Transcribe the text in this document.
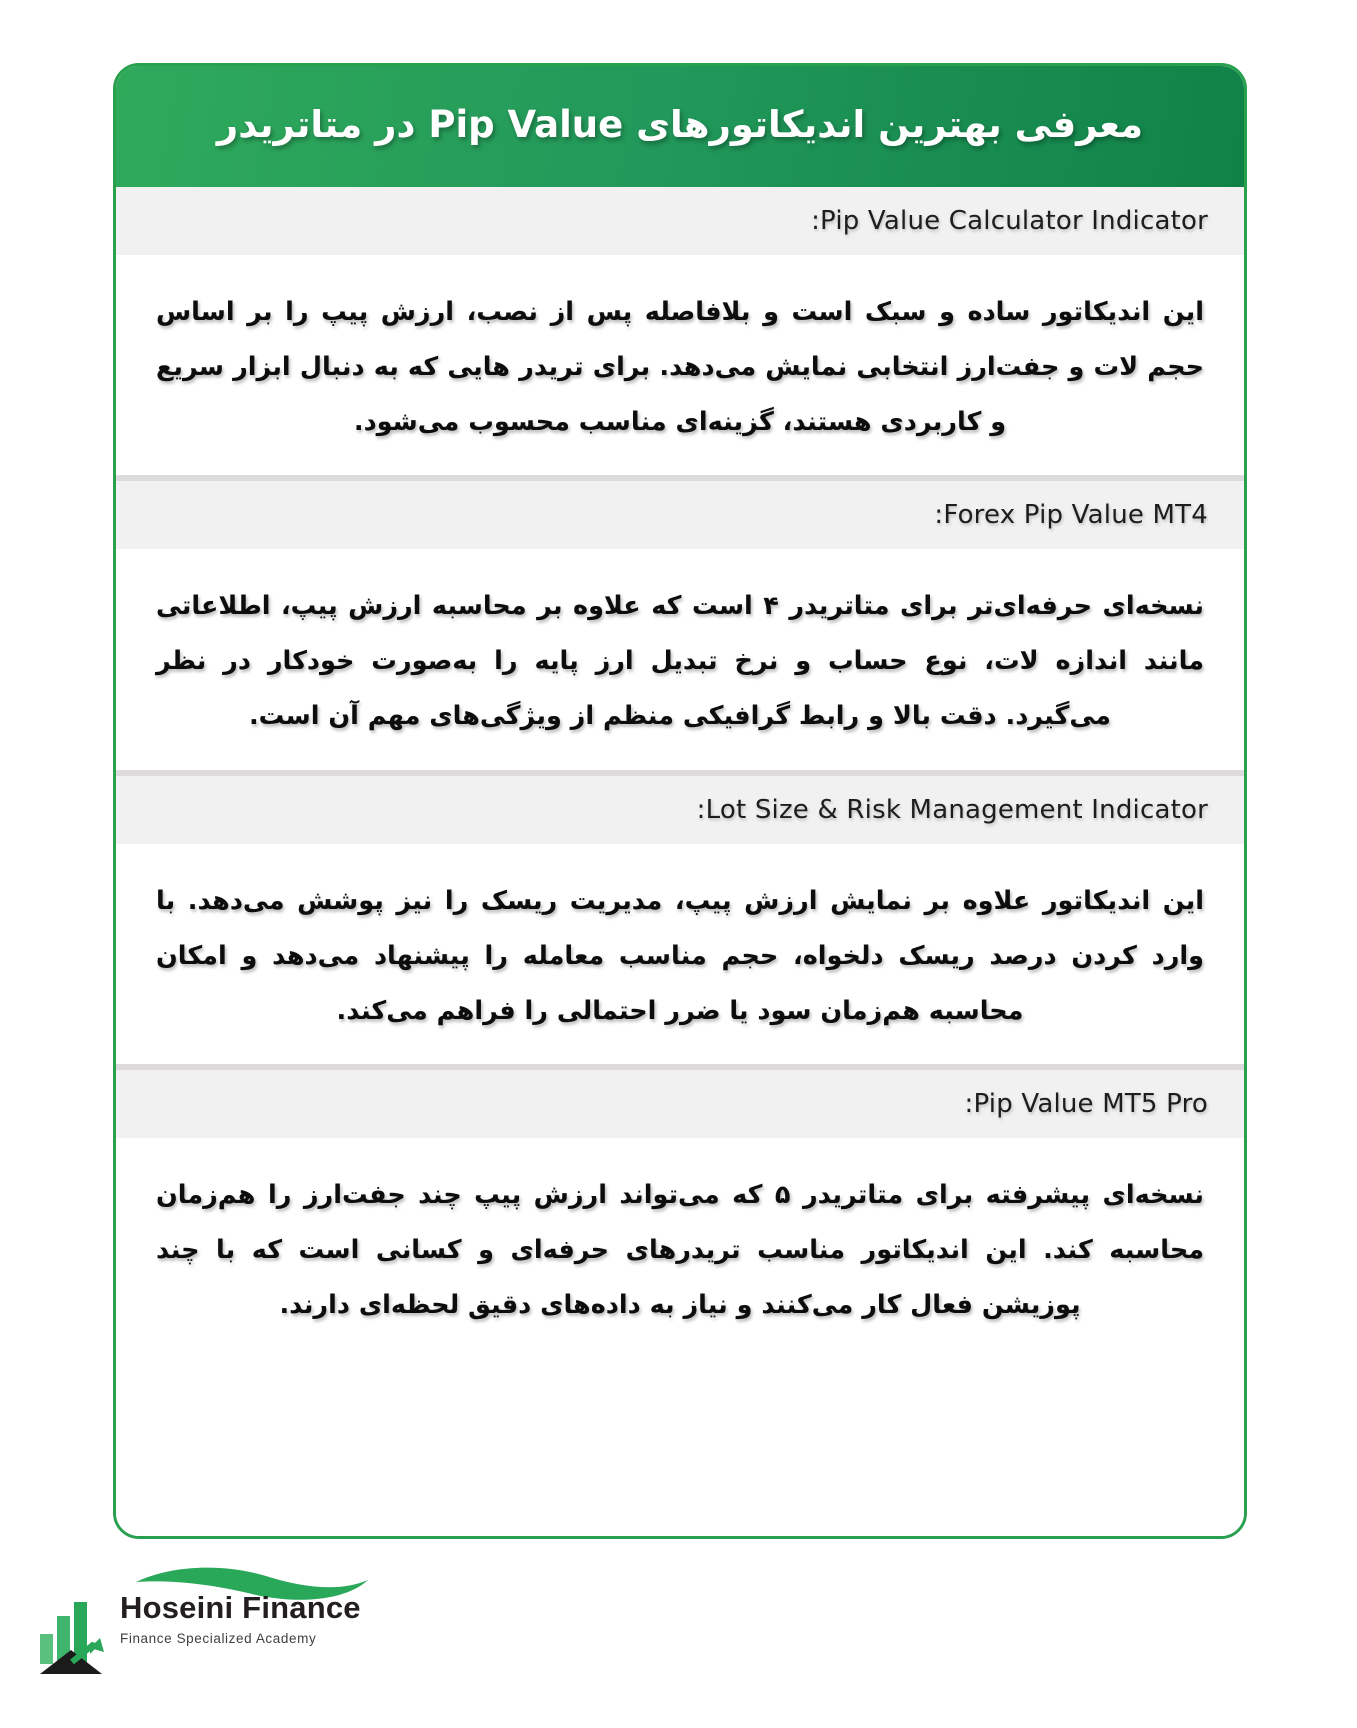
معرفی بهترین اندیکاتورهای Pip Value در متاتریدر
:Pip Value Calculator Indicator
این اندیکاتور ساده و سبک است و بلافاصله پس از نصب، ارزش پیپ را بر اساس حجم لات و جفت‌ارز انتخابی نمایش می‌دهد. برای تریدر هایی که به دنبال ابزار سریع و کاربردی هستند، گزینه‌ای مناسب محسوب می‌شود.
:Forex Pip Value MT4
نسخه‌ای حرفه‌ای‌تر برای متاتریدر ۴ است که علاوه بر محاسبه ارزش پیپ، اطلاعاتی مانند اندازه لات، نوع حساب و نرخ تبدیل ارز پایه را به‌صورت خودکار در نظر می‌گیرد. دقت بالا و رابط گرافیکی منظم از ویژگی‌های مهم آن است.
:Lot Size & Risk Management Indicator
این اندیکاتور علاوه بر نمایش ارزش پیپ، مدیریت ریسک را نیز پوشش می‌دهد. با وارد کردن درصد ریسک دلخواه، حجم مناسب معامله را پیشنهاد می‌دهد و امکان محاسبه هم‌زمان سود یا ضرر احتمالی را فراهم می‌کند.
:Pip Value MT5 Pro
نسخه‌ای پیشرفته برای متاتریدر ۵ که می‌تواند ارزش پیپ چند جفت‌ارز را هم‌زمان محاسبه کند. این اندیکاتور مناسب تریدرهای حرفه‌ای و کسانی است که با چند پوزیشن فعال کار می‌کنند و نیاز به داده‌های دقیق لحظه‌ای دارند.
Hoseini Finance
Finance Specialized Academy
